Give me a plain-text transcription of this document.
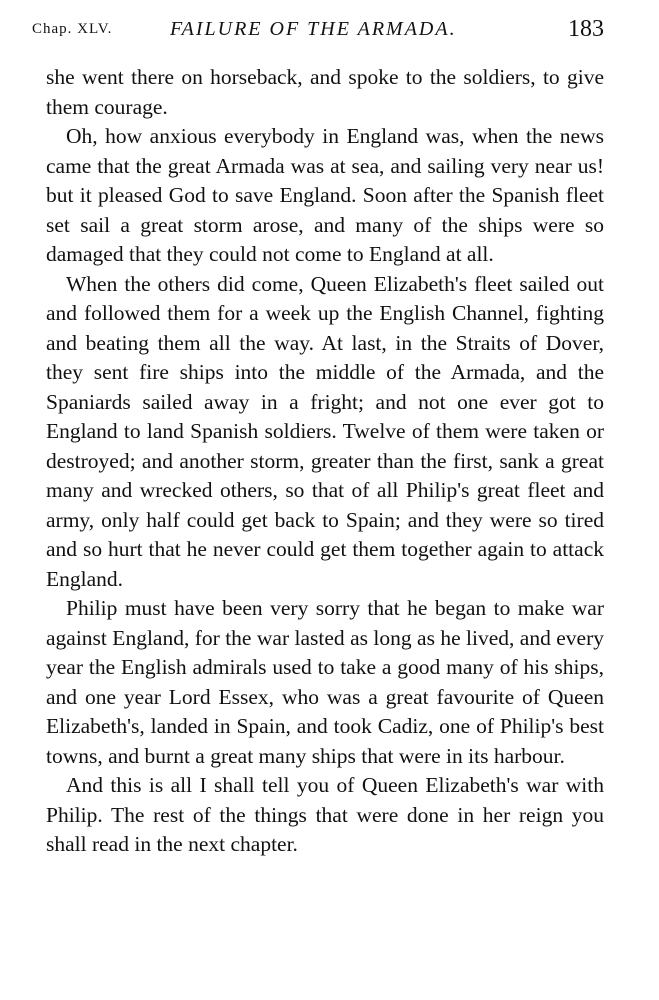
Chap. XLV.	FAILURE OF THE ARMADA.	183

she went there on horseback, and spoke to the soldiers, to give them courage.

Oh, how anxious everybody in England was, when the news came that the great Armada was at sea, and sailing very near us! but it pleased God to save England. Soon after the Spanish fleet set sail a great storm arose, and many of the ships were so damaged that they could not come to England at all.

When the others did come, Queen Elizabeth's fleet sailed out and followed them for a week up the English Channel, fighting and beating them all the way. At last, in the Straits of Dover, they sent fire ships into the middle of the Armada, and the Spaniards sailed away in a fright; and not one ever got to England to land Spanish soldiers. Twelve of them were taken or destroyed; and another storm, greater than the first, sank a great many and wrecked others, so that of all Philip's great fleet and army, only half could get back to Spain; and they were so tired and so hurt that he never could get them together again to attack England.

Philip must have been very sorry that he began to make war against England, for the war lasted as long as he lived, and every year the English admirals used to take a good many of his ships, and one year Lord Essex, who was a great favourite of Queen Elizabeth's, landed in Spain, and took Cadiz, one of Philip's best towns, and burnt a great many ships that were in its harbour.

And this is all I shall tell you of Queen Elizabeth's war with Philip. The rest of the things that were done in her reign you shall read in the next chapter.
